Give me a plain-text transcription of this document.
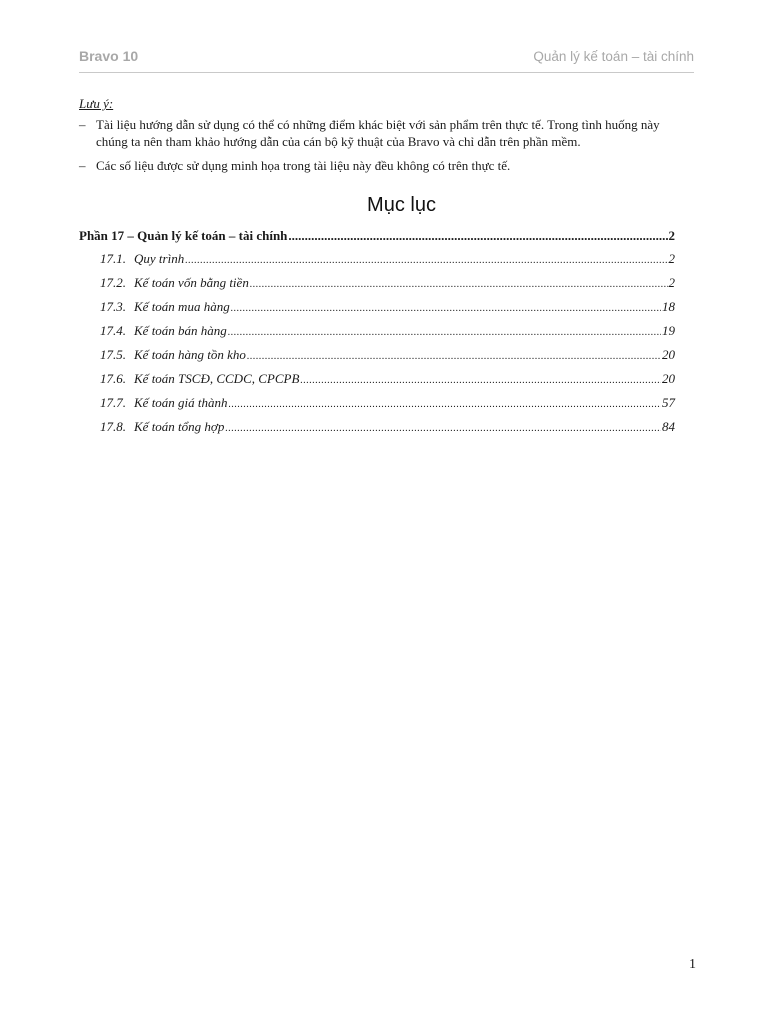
Bravo 10	Quản lý kế toán – tài chính
Lưu ý:
– Tài liệu hướng dẫn sử dụng có thể có những điểm khác biệt với sản phẩm trên thực tế. Trong tình huống này chúng ta nên tham khảo hướng dẫn của cán bộ kỹ thuật của Bravo và chỉ dẫn trên phần mềm.
– Các số liệu được sử dụng minh họa trong tài liệu này đều không có trên thực tế.
Mục lục
Phần 17 – Quản lý kế toán – tài chính .....	2
17.1. Quy trình .....	2
17.2. Kế toán vốn bằng tiền .....	2
17.3. Kế toán mua hàng .....	18
17.4. Kế toán bán hàng .....	19
17.5. Kế toán hàng tồn kho .....	20
17.6. Kế toán TSCĐ, CCDC, CPCPB .....	20
17.7. Kế toán giá thành .....	57
17.8. Kế toán tổng hợp .....	84
1
